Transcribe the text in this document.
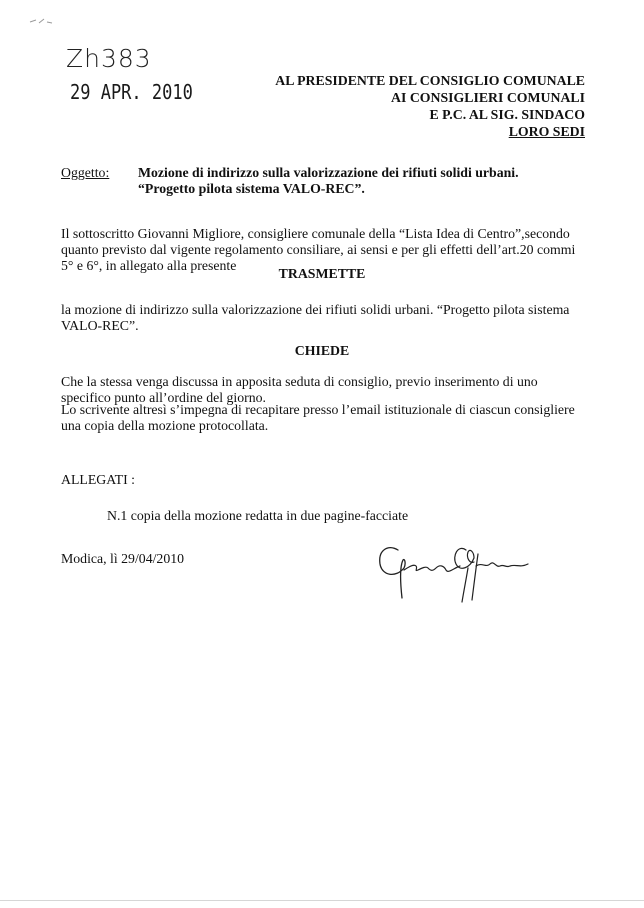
Zh383
29 APR. 2010	AL PRESIDENTE DEL CONSIGLIO COMUNALE
AI CONSIGLIERI COMUNALI
E P.C. AL SIG. SINDACO
LORO SEDI
Oggetto: Mozione di indirizzo sulla valorizzazione dei rifiuti solidi urbani.
“Progetto pilota sistema VALO-REC”.
Il sottoscritto Giovanni Migliore, consigliere comunale della “Lista Idea di Centro”,secondo quanto previsto dal vigente regolamento consiliare, ai sensi e per gli effetti dell’art.20 commi 5° e 6°, in allegato alla presente
TRASMETTE
la mozione di indirizzo sulla valorizzazione dei rifiuti solidi urbani. “Progetto pilota sistema VALO-REC”.
CHIEDE
Che la stessa venga discussa in apposita seduta di consiglio, previo inserimento di uno specifico punto all’ordine del giorno.
Lo scrivente altresì s’impegna di recapitare presso l’email istituzionale di ciascun consigliere una copia della mozione protocollata.
ALLEGATI :
N.1 copia della mozione redatta in due pagine-facciate
Modica, lì 29/04/2010
